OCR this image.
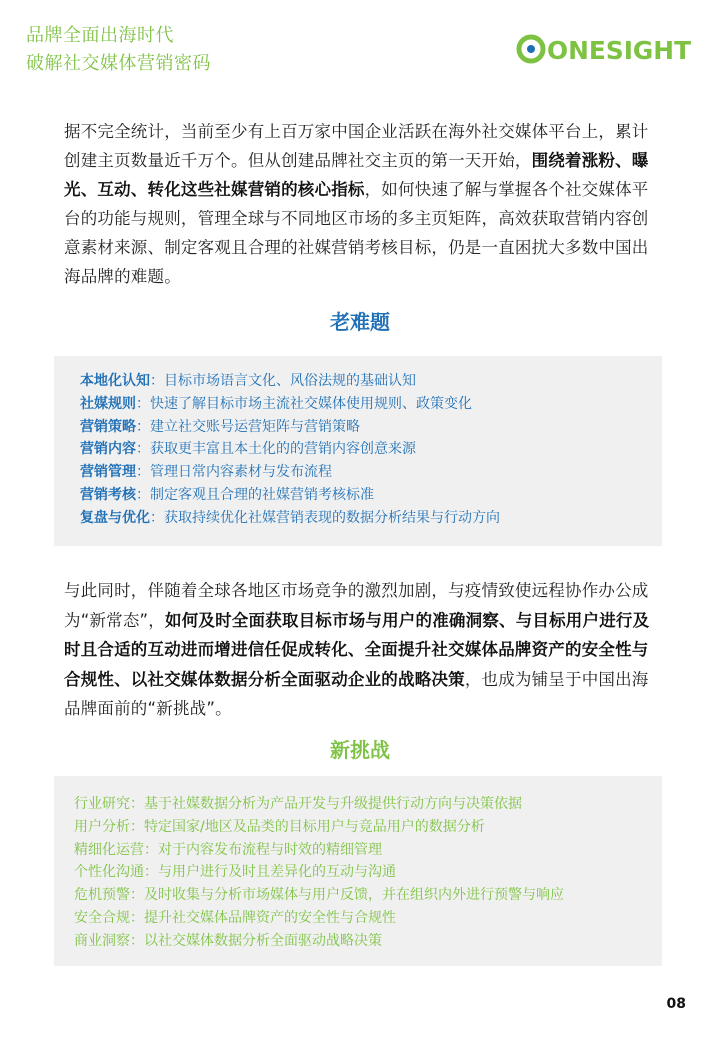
品牌全面出海时代
破解社交媒体营销密码	ONESIGHT

据不完全统计，当前至少有上百万家中国企业活跃在海外社交媒体平台上，累计创建主页数量近千万个。但从创建品牌社交主页的第一天开始，围绕着涨粉、曝光、互动、转化这些社媒营销的核心指标，如何快速了解与掌握各个社交媒体平台的功能与规则，管理全球与不同地区市场的多主页矩阵，高效获取营销内容创意素材来源、制定客观且合理的社媒营销考核目标，仍是一直困扰大多数中国出海品牌的难题。

老难题
本地化认知：目标市场语言文化、风俗法规的基础认知
社媒规则：快速了解目标市场主流社交媒体使用规则、政策变化
营销策略：建立社交账号运营矩阵与营销策略
营销内容：获取更丰富且本土化的的营销内容创意来源
营销管理：管理日常内容素材与发布流程
营销考核：制定客观且合理的社媒营销考核标准
复盘与优化：获取持续优化社媒营销表现的数据分析结果与行动方向

与此同时，伴随着全球各地区市场竞争的激烈加剧，与疫情致使远程协作办公成为“新常态”，如何及时全面获取目标市场与用户的准确洞察、与目标用户进行及时且合适的互动进而增进信任促成转化、全面提升社交媒体品牌资产的安全性与合规性、以社交媒体数据分析全面驱动企业的战略决策，也成为铺呈于中国出海品牌面前的“新挑战”。

新挑战
行业研究：基于社媒数据分析为产品开发与升级提供行动方向与决策依据
用户分析：特定国家/地区及品类的目标用户与竞品用户的数据分析
精细化运营：对于内容发布流程与时效的精细管理
个性化沟通：与用户进行及时且差异化的互动与沟通
危机预警：及时收集与分析市场媒体与用户反馈，并在组织内外进行预警与响应
安全合规：提升社交媒体品牌资产的安全性与合规性
商业洞察：以社交媒体数据分析全面驱动战略决策
08
